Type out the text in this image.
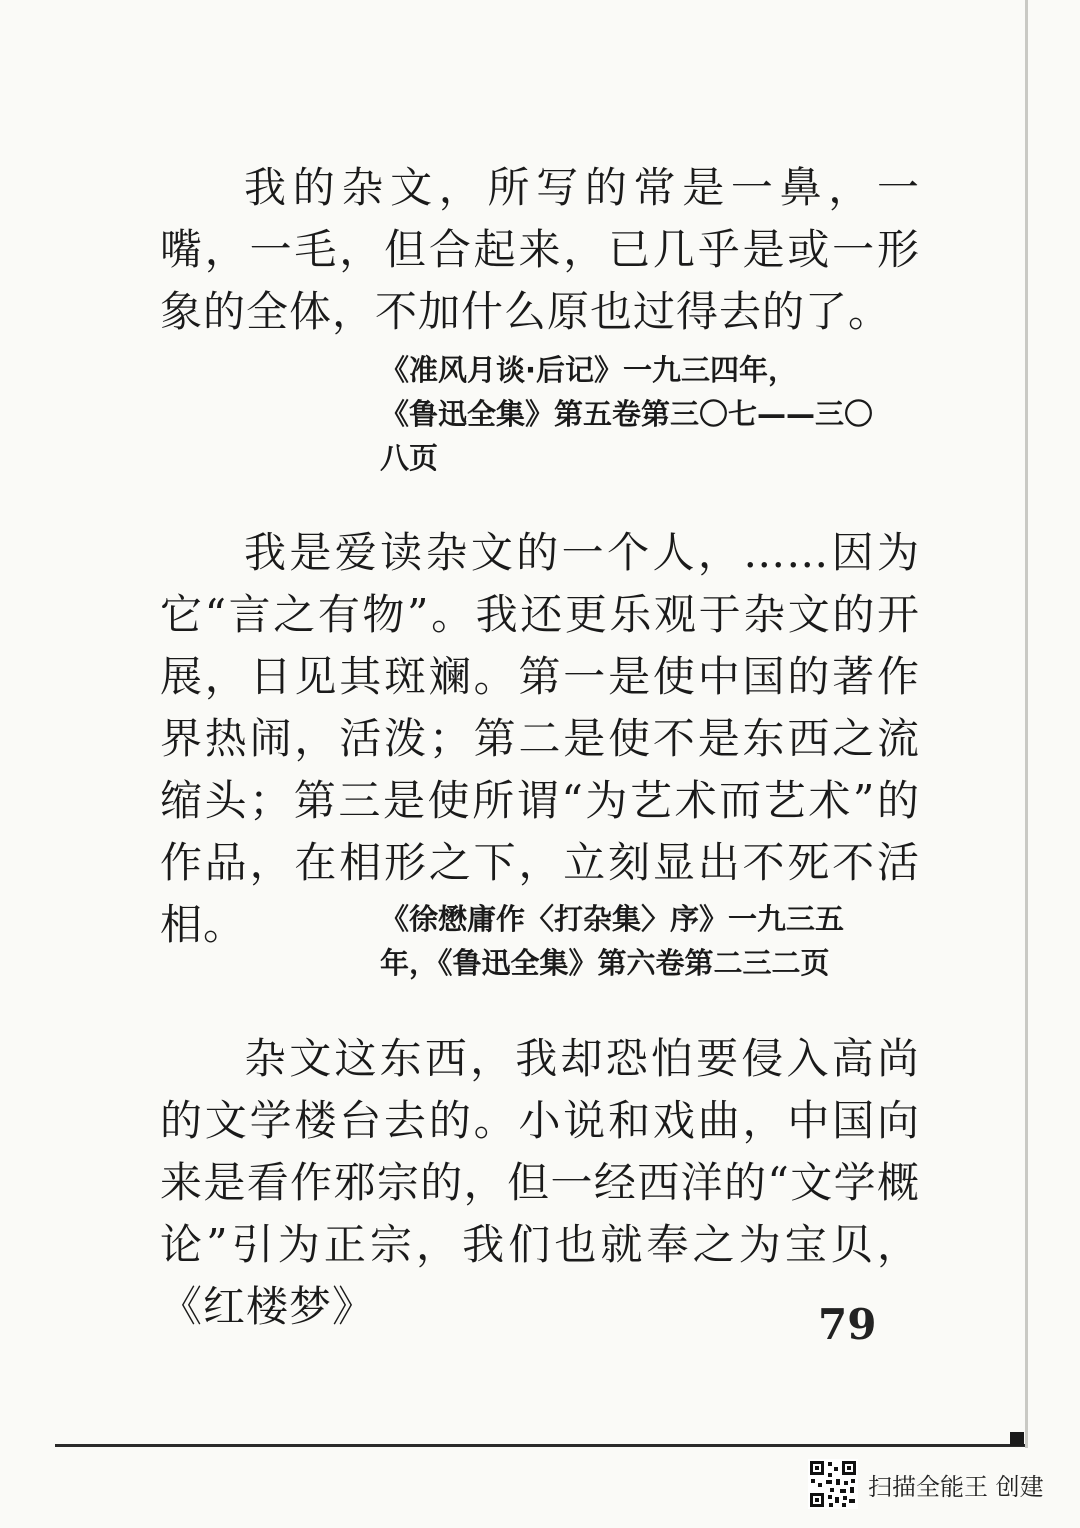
我的杂文，所写的常是一鼻，一嘴，一毛，但合起来，已几乎是或一形象的全体，不加什么原也过得去的了。

《准风月谈·后记》一九三四年，
《鲁迅全集》第五卷第三〇七——三〇八页

我是爱读杂文的一个人，……因为它“言之有物”。我还更乐观于杂文的开展，日见其斑斓。第一是使中国的著作界热闹，活泼；第二是使不是东西之流缩头；第三是使所谓“为艺术而艺术”的作品，在相形之下，立刻显出不死不活相。	《徐懋庸作〈打杂集〉序》一九三五年，《鲁迅全集》第六卷第二三二页

杂文这东西，我却恐怕要侵入高尚的文学楼台去的。小说和戏曲，中国向来是看作邪宗的，但一经西洋的“文学概论”引为正宗，我们也就奉之为宝贝，《红楼梦》	79
扫描全能王 创建
